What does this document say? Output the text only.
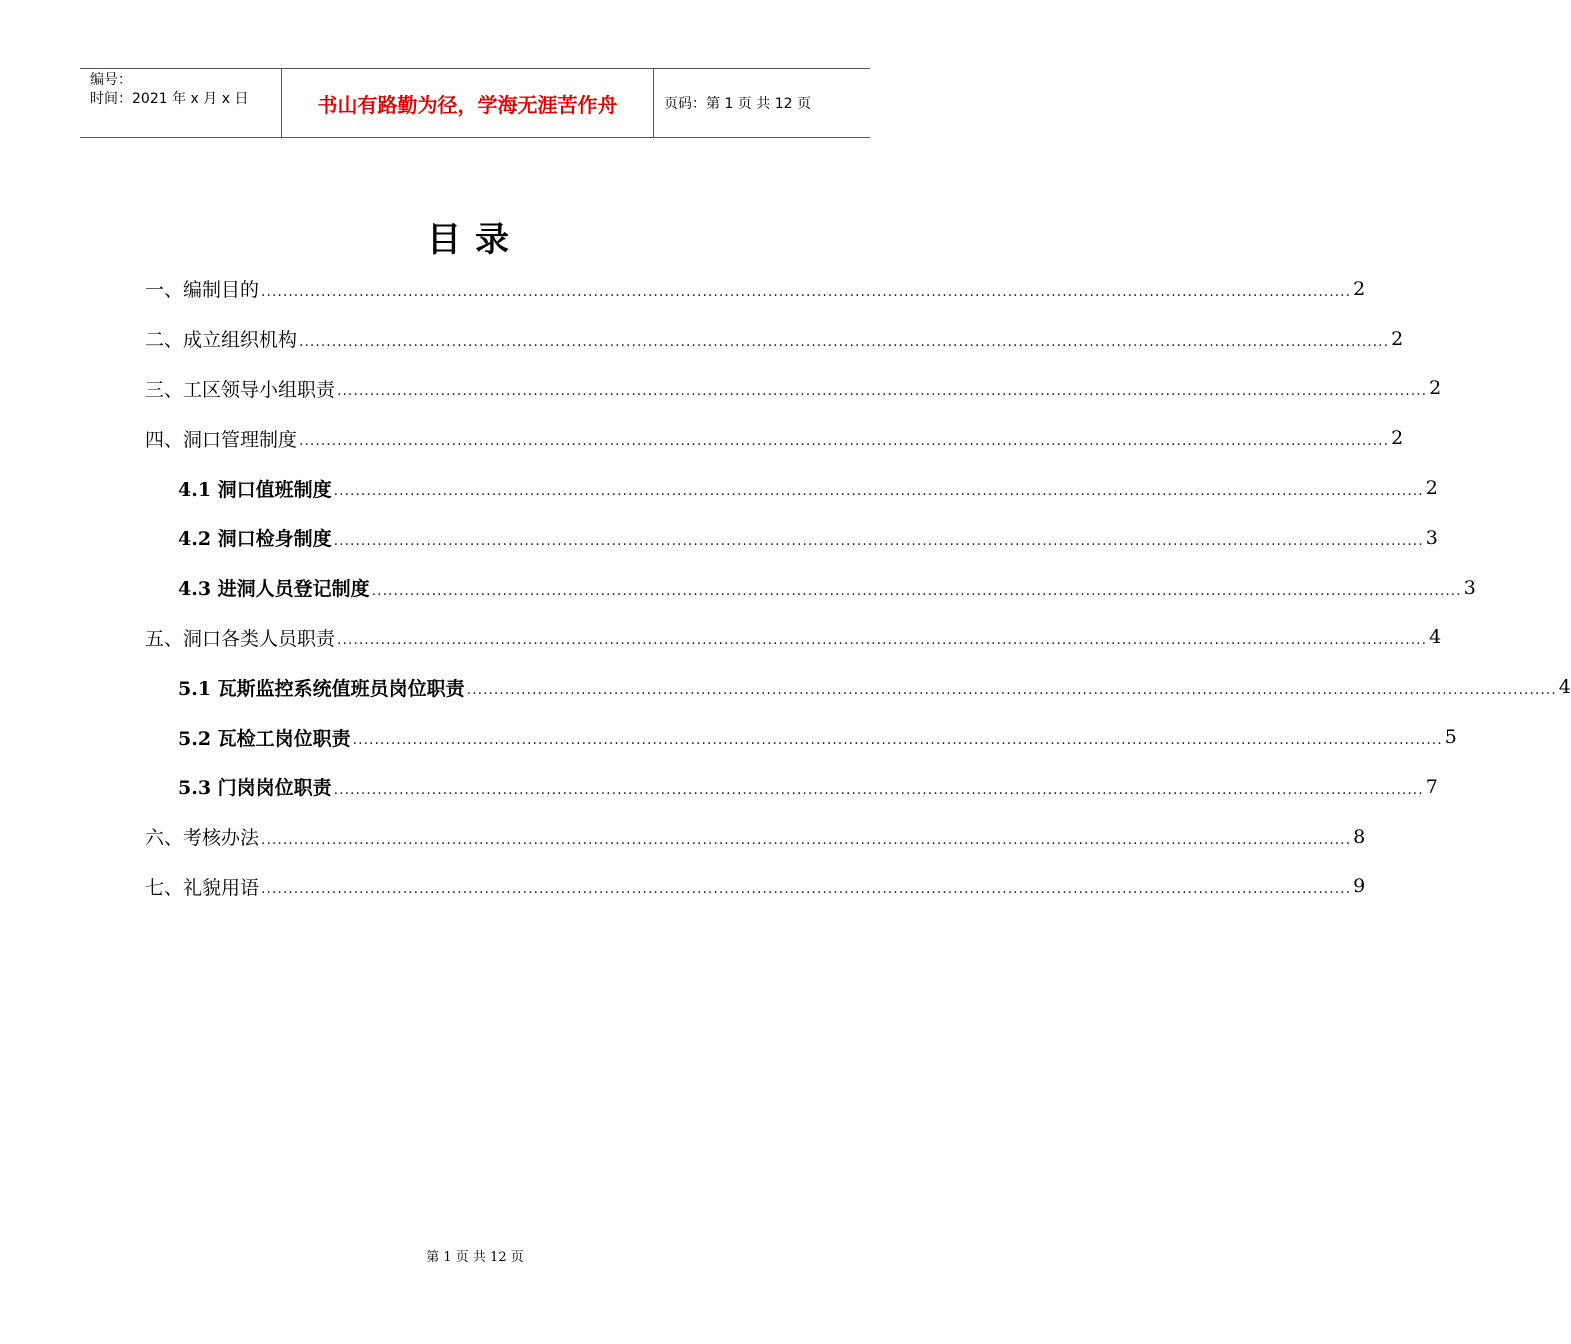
编号：
时间：2021 年 x 月 x 日	书山有路勤为径，学海无涯苦作舟	页码：第 1 页 共 12 页
目录
一、编制目的 ........................................................................................................................................................................................................ 2
二、成立组织机构 ........................................................................................................................................................................................................ 2
三、工区领导小组职责 ........................................................................................................................................................................................................ 2
四、洞口管理制度 ........................................................................................................................................................................................................ 2
4.1 洞口值班制度 ........................................................................................................................................................................................................ 2
4.2 洞口检身制度 ........................................................................................................................................................................................................ 3
4.3 进洞人员登记制度 ........................................................................................................................................................................................................ 3
五、洞口各类人员职责 ........................................................................................................................................................................................................ 4
5.1 瓦斯监控系统值班员岗位职责 ........................................................................................................................................................................................................ 4
5.2 瓦检工岗位职责 ........................................................................................................................................................................................................ 5
5.3 门岗岗位职责 ........................................................................................................................................................................................................ 7
六、考核办法 ........................................................................................................................................................................................................ 8
七、礼貌用语 ........................................................................................................................................................................................................ 9
第 1 页 共 12 页
